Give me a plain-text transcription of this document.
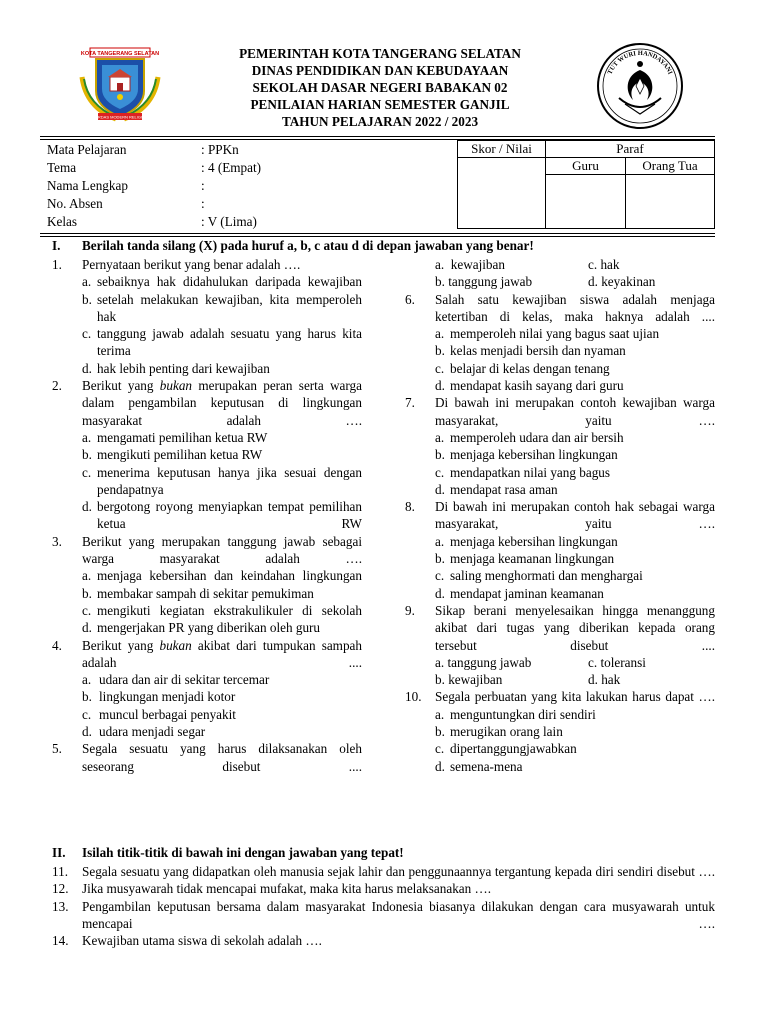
KOTA TANGERANG SELATAN
CERDAS MODERN RELIGIUS
PEMERINTAH KOTA TANGERANG SELATAN
DINAS PENDIDIKAN DAN KEBUDAYAAN
SEKOLAH DASAR NEGERI BABAKAN 02
PENILAIAN HARIAN SEMESTER GANJIL
TAHUN PELAJARAN 2022 / 2023
TUT WURI HANDAYANI
Mata Pelajaran	: PPKn
Tema	: 4 (Empat)
Nama Lengkap	:
No. Absen	:
Kelas	: V (Lima)
Skor / Nilai	Paraf	
	Guru	Orang Tua

I. Berilah tanda silang (X) pada huruf a, b, c atau d di depan jawaban yang benar!
1. Pernyataan berikut yang benar adalah ….
a. sebaiknya hak didahulukan daripada kewajiban
b. setelah melakukan kewajiban, kita memperoleh hak
c. tanggung jawab adalah sesuatu yang harus kita terima
d. hak lebih penting dari kewajiban
2. Berikut yang bukan merupakan peran serta warga dalam pengambilan keputusan di lingkungan masyarakat adalah ….
a. mengamati pemilihan ketua RW
b. mengikuti pemilihan ketua RW
c. menerima keputusan hanya jika sesuai dengan pendapatnya
d. bergotong royong menyiapkan tempat pemilihan ketua RW
3. Berikut yang merupakan tanggung jawab sebagai warga masyarakat adalah ….
a. menjaga kebersihan dan keindahan lingkungan
b. membakar sampah di sekitar pemukiman
c. mengikuti kegiatan ekstrakulikuler di sekolah
d. mengerjakan PR yang diberikan oleh guru
4. Berikut yang bukan akibat dari tumpukan sampah adalah ....
a. udara dan air di sekitar tercemar
b. lingkungan menjadi kotor
c. muncul berbagai penyakit
d. udara menjadi segar
5. Segala sesuatu yang harus dilaksanakan oleh seseorang disebut ....
a. kewajiban	c. hak
b. tanggung jawab	d. keyakinan
6. Salah satu kewajiban siswa adalah menjaga ketertiban di kelas, maka haknya adalah ....
a. memperoleh nilai yang bagus saat ujian
b. kelas menjadi bersih dan nyaman
c. belajar di kelas dengan tenang
d. mendapat kasih sayang dari guru
7. Di bawah ini merupakan contoh kewajiban warga masyarakat, yaitu ….
a. memperoleh udara dan air bersih
b. menjaga kebersihan lingkungan
c. mendapatkan nilai yang bagus
d. mendapat rasa aman
8. Di bawah ini merupakan contoh hak sebagai warga masyarakat, yaitu ….
a. menjaga kebersihan lingkungan
b. menjaga keamanan lingkungan
c. saling menghormati dan menghargai
d. mendapat jaminan keamanan
9. Sikap berani menyelesaikan hingga menanggung akibat dari tugas yang diberikan kepada orang tersebut disebut ....
a. tanggung jawab	c. toleransi
b. kewajiban	d. hak
10. Segala perbuatan yang kita lakukan harus dapat ….
a. menguntungkan diri sendiri
b. merugikan orang lain
c. dipertanggungjawabkan
d. semena-mena
II. Isilah titik-titik di bawah ini dengan jawaban yang tepat!
11. Segala sesuatu yang didapatkan oleh manusia sejak lahir dan penggunaannya tergantung kepada diri sendiri disebut ….
12. Jika musyawarah tidak mencapai mufakat, maka kita harus melaksanakan ….
13. Pengambilan keputusan bersama dalam masyarakat Indonesia biasanya dilakukan dengan cara musyawarah untuk mencapai ….
14. Kewajiban utama siswa di sekolah adalah ….
